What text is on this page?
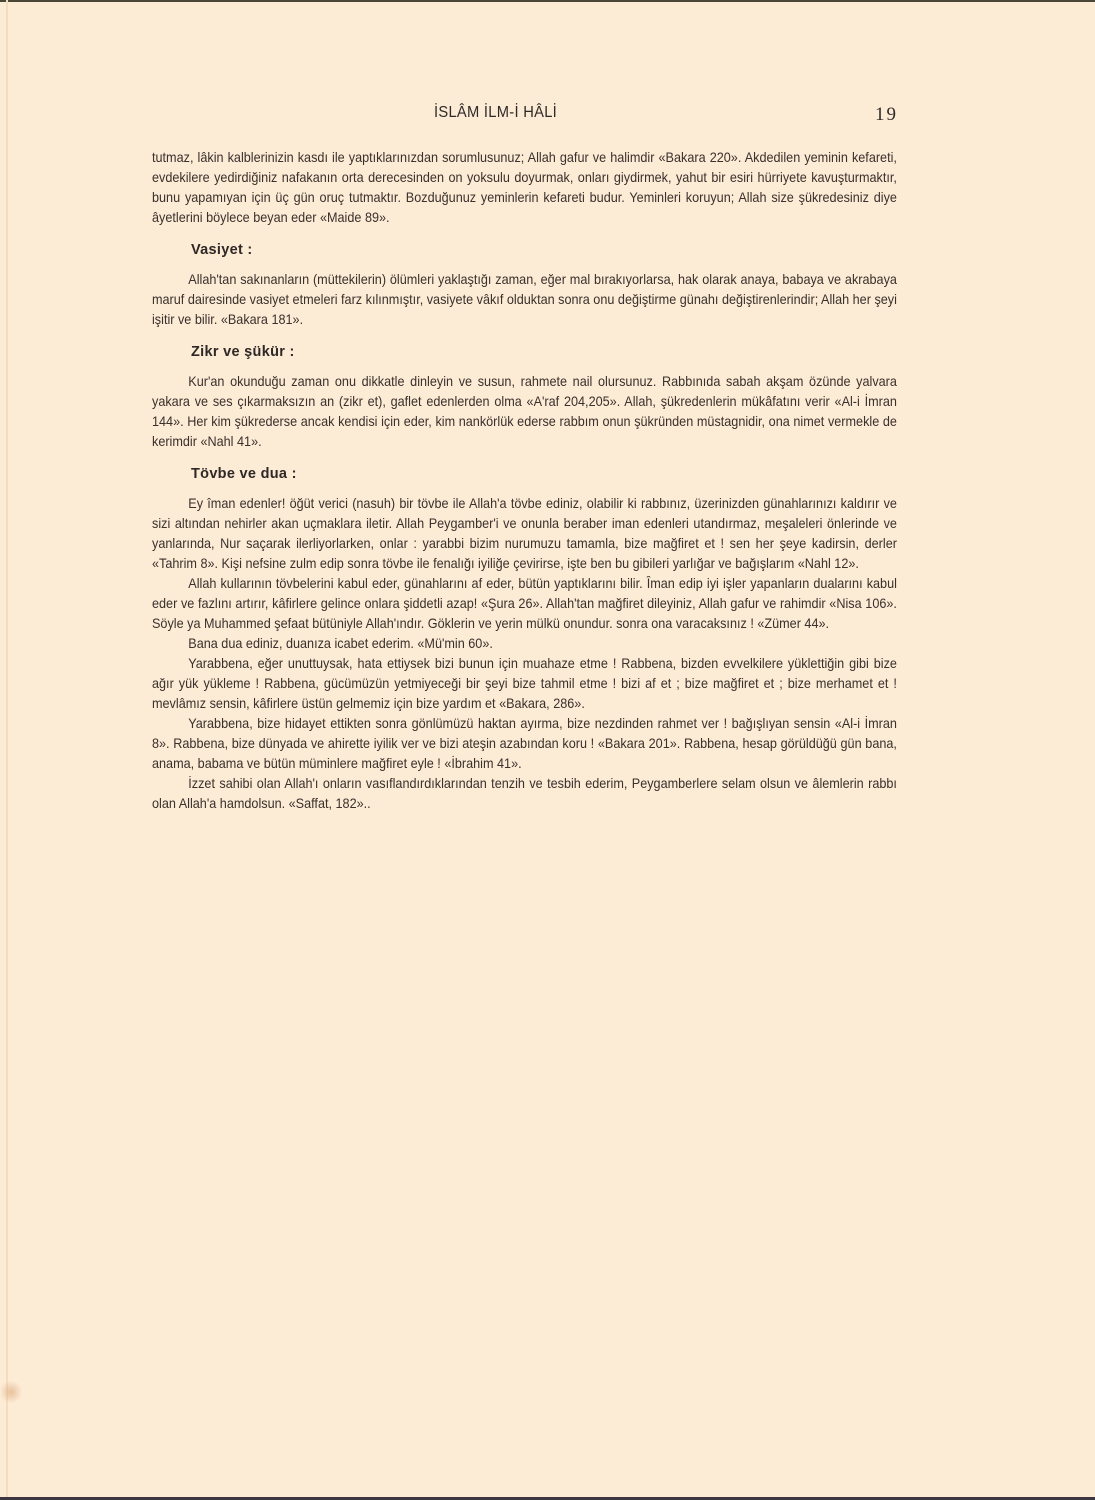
İSLÂM İLM-İ HÂLİ	19

tutmaz, lâkin kalblerinizin kasdı ile yaptıklarınızdan sorumlusunuz; Allah gafur ve halimdir «Bakara 220». Akdedilen yeminin kefareti, evdekilere yedirdiğiniz nafakanın orta derecesinden on yoksulu doyurmak, onları giydirmek, yahut bir esiri hürriyete kavuşturmaktır, bunu yapamıyan için üç gün oruç tutmaktır. Bozduğunuz yeminlerin kefareti budur. Yeminleri koruyun; Allah size şükredesiniz diye âyetlerini böylece beyan eder «Maide 89».

Vasiyet :

Allah'tan sakınanların (müttekilerin) ölümleri yaklaştığı zaman, eğer mal bırakıyorlarsa, hak olarak anaya, babaya ve akrabaya maruf dairesinde vasiyet etmeleri farz kılınmıştır, vasiyete vâkıf olduktan sonra onu değiştirme günahı değiştirenlerindir; Allah her şeyi işitir ve bilir. «Bakara 181».

Zikr ve şükür :

Kur'an okunduğu zaman onu dikkatle dinleyin ve susun, rahmete nail olursunuz. Rabbınıda sabah akşam özünde yalvara yakara ve ses çıkarmaksızın an (zikr et), gaflet edenlerden olma «A'raf 204,205». Allah, şükredenlerin mükâfatını verir «Al-i İmran 144». Her kim şükrederse ancak kendisi için eder, kim nankörlük ederse rabbım onun şükründen müstagnidir, ona nimet vermekle de kerimdir «Nahl 41».

Tövbe ve dua :

Ey îman edenler! öğüt verici (nasuh) bir tövbe ile Allah'a tövbe ediniz, olabilir ki rabbınız, üzerinizden günahlarınızı kaldırır ve sizi altından nehirler akan uçmaklara iletir. Allah Peygamber'i ve onunla beraber iman edenleri utandırmaz, meşaleleri önlerinde ve yanlarında, Nur saçarak ilerliyorlarken, onlar : yarabbi bizim nurumuzu tamamla, bize mağfiret et ! sen her şeye kadirsin, derler «Tahrim 8». Kişi nefsine zulm edip sonra tövbe ile fenalığı iyiliğe çevirirse, işte ben bu gibileri yarlığar ve bağışlarım «Nahl 12».

Allah kullarının tövbelerini kabul eder, günahlarını af eder, bütün yaptıklarını bilir. Îman edip iyi işler yapanların dualarını kabul eder ve fazlını artırır, kâfirlere gelince onlara şiddetli azap! «Şura 26». Allah'tan mağfiret dileyiniz, Allah gafur ve rahimdir «Nisa 106». Söyle ya Muhammed şefaat bütüniyle Allah'ındır. Göklerin ve yerin mülkü onundur. sonra ona varacaksınız ! «Zümer 44».

Bana dua ediniz, duanıza icabet ederim. «Mü'min 60».

Yarabbena, eğer unuttuysak, hata ettiysek bizi bunun için muahaze etme ! Rabbena, bizden evvelkilere yüklettiğin gibi bize ağır yük yükleme ! Rabbena, gücümüzün yetmiyeceği bir şeyi bize tahmil etme ! bizi af et ; bize mağfiret et ; bize merhamet et ! mevlâmız sensin, kâfirlere üstün gelmemiz için bize yardım et «Bakara, 286».

Yarabbena, bize hidayet ettikten sonra gönlümüzü haktan ayırma, bize nezdinden rahmet ver ! bağışlıyan sensin «Al-i İmran 8». Rabbena, bize dünyada ve ahirette iyilik ver ve bizi ateşin azabından koru ! «Bakara 201». Rabbena, hesap görüldüğü gün bana, anama, babama ve bütün müminlere mağfiret eyle ! «İbrahim 41».

İzzet sahibi olan Allah'ı onların vasıflandırdıklarından tenzih ve tesbih ederim, Peygamberlere selam olsun ve âlemlerin rabbı olan Allah'a hamdolsun. «Saffat, 182»..
